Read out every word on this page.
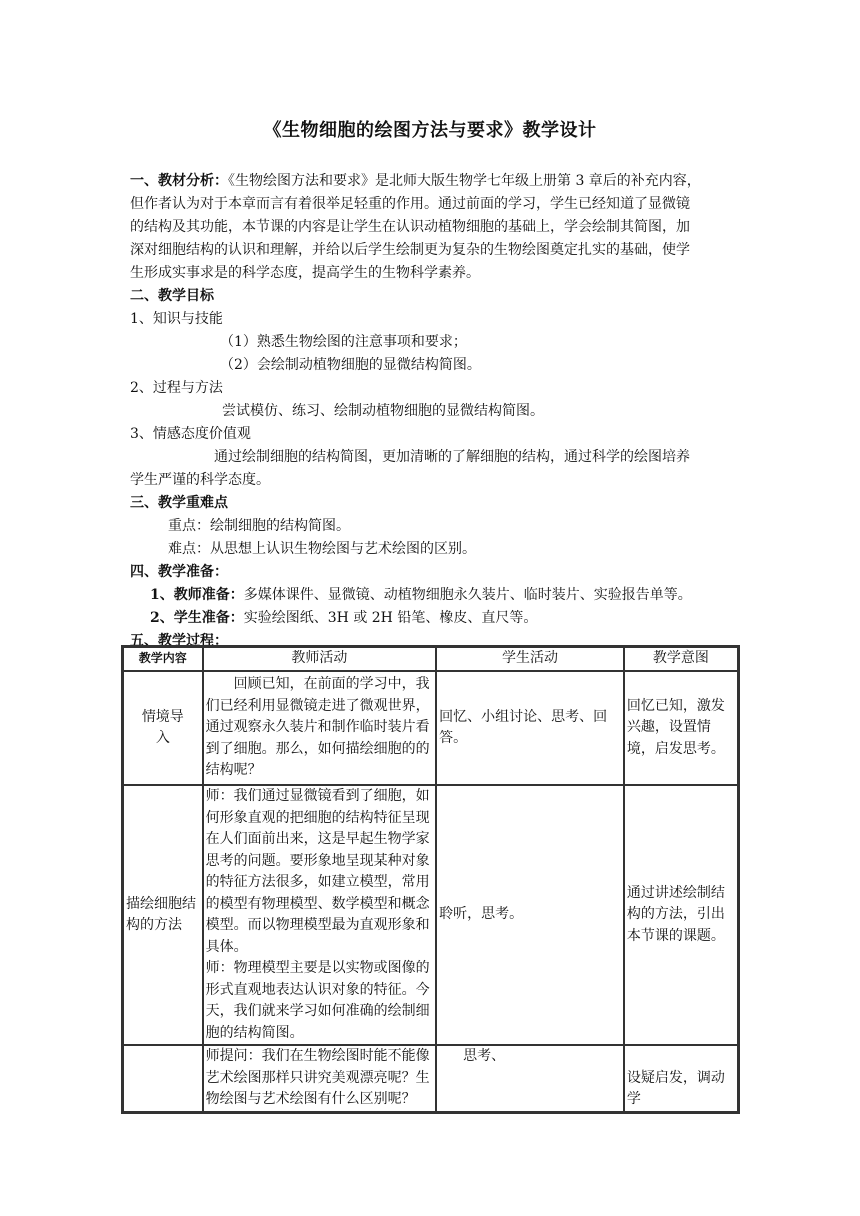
《生物细胞的绘图方法与要求》教学设计
一、教材分析：《生物绘图方法和要求》是北师大版生物学七年级上册第 3 章后的补充内容，
但作者认为对于本章而言有着很举足轻重的作用。通过前面的学习，学生已经知道了显微镜
的结构及其功能，本节课的内容是让学生在认识动植物细胞的基础上，学会绘制其简图，加
深对细胞结构的认识和理解，并给以后学生绘制更为复杂的生物绘图奠定扎实的基础，使学
生形成实事求是的科学态度，提高学生的生物科学素养。
二、教学目标
1、知识与技能
（1）熟悉生物绘图的注意事项和要求；
（2）会绘制动植物细胞的显微结构简图。
2、过程与方法
尝试模仿、练习、绘制动植物细胞的显微结构简图。
3、情感态度价值观
通过绘制细胞的结构简图，更加清晰的了解细胞的结构，通过科学的绘图培养
学生严谨的科学态度。
三、教学重难点
重点：绘制细胞的结构简图。
难点：从思想上认识生物绘图与艺术绘图的区别。
四、教学准备：
1、教师准备：多媒体课件、显微镜、动植物细胞永久装片、临时装片、实验报告单等。
2、学生准备：实验绘图纸、3H 或 2H 铅笔、橡皮、直尺等。
五、教学过程：
教学内容	教师活动	学生活动	教学意图
情境导入	回顾已知，在前面的学习中，我们已经利用显微镜走进了微观世界，通过观察永久装片和制作临时装片看到了细胞。那么，如何描绘细胞的的结构呢？	回忆、小组讨论、思考、回答。	回忆已知，激发兴趣，设置情境，启发思考。
描绘细胞结构的方法	师：我们通过显微镜看到了细胞，如何形象直观的把细胞的结构特征呈现在人们面前出来，这是早起生物学家思考的问题。要形象地呈现某种对象的特征方法很多，如建立模型，常用的模型有物理模型、数学模型和概念模型。而以物理模型最为直观形象和具体。
师：物理模型主要是以实物或图像的形式直观地表达认识对象的特征。今天，我们就来学习如何准确的绘制细胞的结构简图。	聆听，思考。	通过讲述绘制结构的方法，引出本节课的课题。
	师提问：我们在生物绘图时能不能像艺术绘图那样只讲究美观漂亮呢？生物绘图与艺术绘图有什么区别呢？	思考、	设疑启发，调动学
